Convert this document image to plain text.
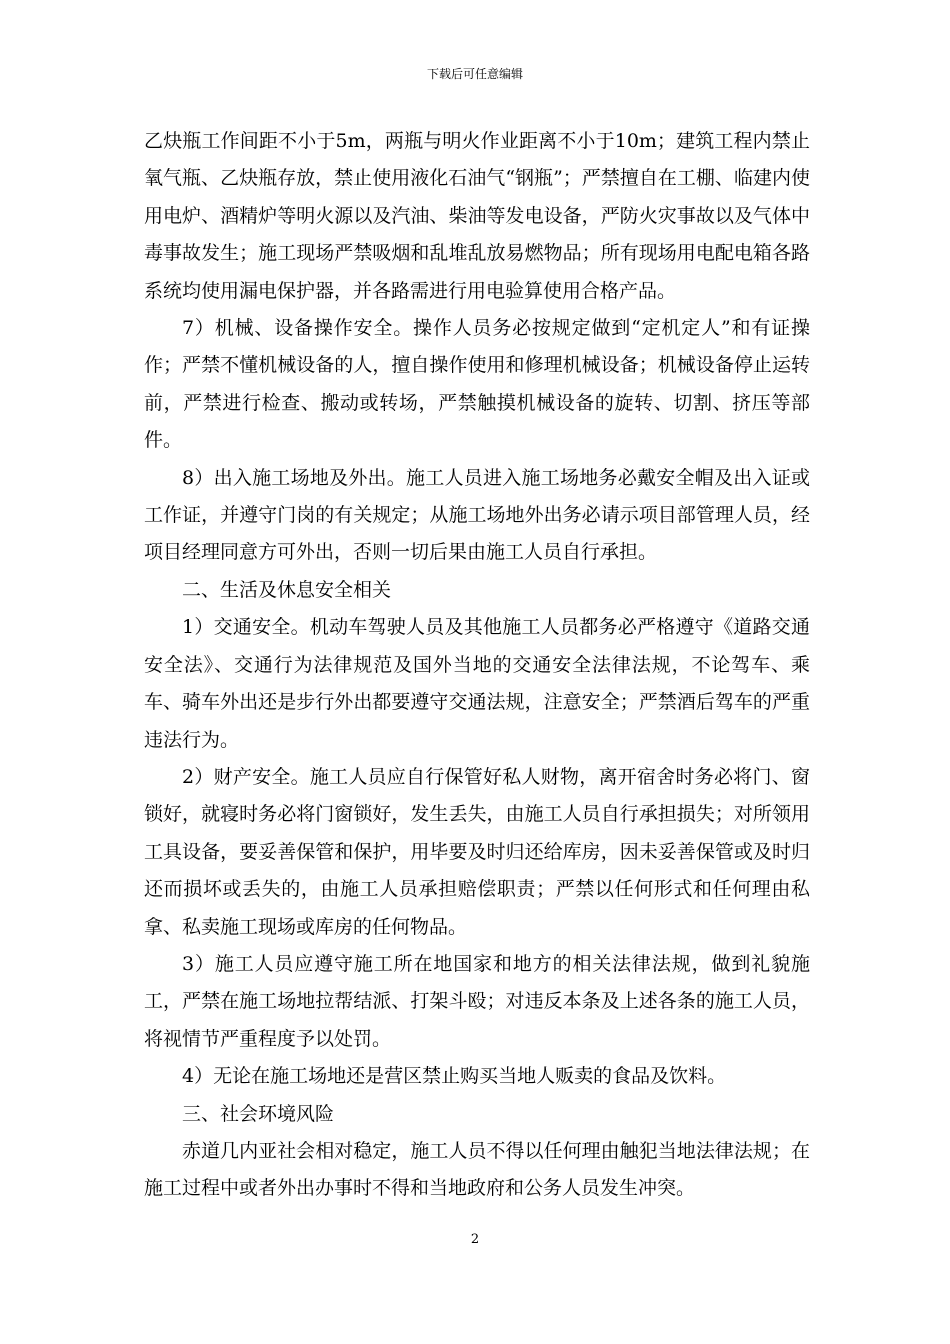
下载后可任意编辑

乙炔瓶工作间距不小于5m，两瓶与明火作业距离不小于10m；建筑工程内禁止氧气瓶、乙炔瓶存放，禁止使用液化石油气“钢瓶”；严禁擅自在工棚、临建内使用电炉、酒精炉等明火源以及汽油、柴油等发电设备，严防火灾事故以及气体中毒事故发生；施工现场严禁吸烟和乱堆乱放易燃物品；所有现场用电配电箱各路系统均使用漏电保护器，并各路需进行用电验算使用合格产品。

7）机械、设备操作安全。操作人员务必按规定做到“定机定人”和有证操作；严禁不懂机械设备的人，擅自操作使用和修理机械设备；机械设备停止运转前，严禁进行检查、搬动或转场，严禁触摸机械设备的旋转、切割、挤压等部件。

8）出入施工场地及外出。施工人员进入施工场地务必戴安全帽及出入证或工作证，并遵守门岗的有关规定；从施工场地外出务必请示项目部管理人员，经项目经理同意方可外出，否则一切后果由施工人员自行承担。

二、生活及休息安全相关

1）交通安全。机动车驾驶人员及其他施工人员都务必严格遵守《道路交通安全法》、交通行为法律规范及国外当地的交通安全法律法规，不论驾车、乘车、骑车外出还是步行外出都要遵守交通法规，注意安全；严禁酒后驾车的严重违法行为。

2）财产安全。施工人员应自行保管好私人财物，离开宿舍时务必将门、窗锁好，就寝时务必将门窗锁好，发生丢失，由施工人员自行承担损失；对所领用工具设备，要妥善保管和保护，用毕要及时归还给库房，因未妥善保管或及时归还而损坏或丢失的，由施工人员承担赔偿职责；严禁以任何形式和任何理由私拿、私卖施工现场或库房的任何物品。

3）施工人员应遵守施工所在地国家和地方的相关法律法规，做到礼貌施工，严禁在施工场地拉帮结派、打架斗殴；对违反本条及上述各条的施工人员，将视情节严重程度予以处罚。

4）无论在施工场地还是营区禁止购买当地人贩卖的食品及饮料。

三、社会环境风险

赤道几内亚社会相对稳定，施工人员不得以任何理由触犯当地法律法规；在施工过程中或者外出办事时不得和当地政府和公务人员发生冲突。

2
